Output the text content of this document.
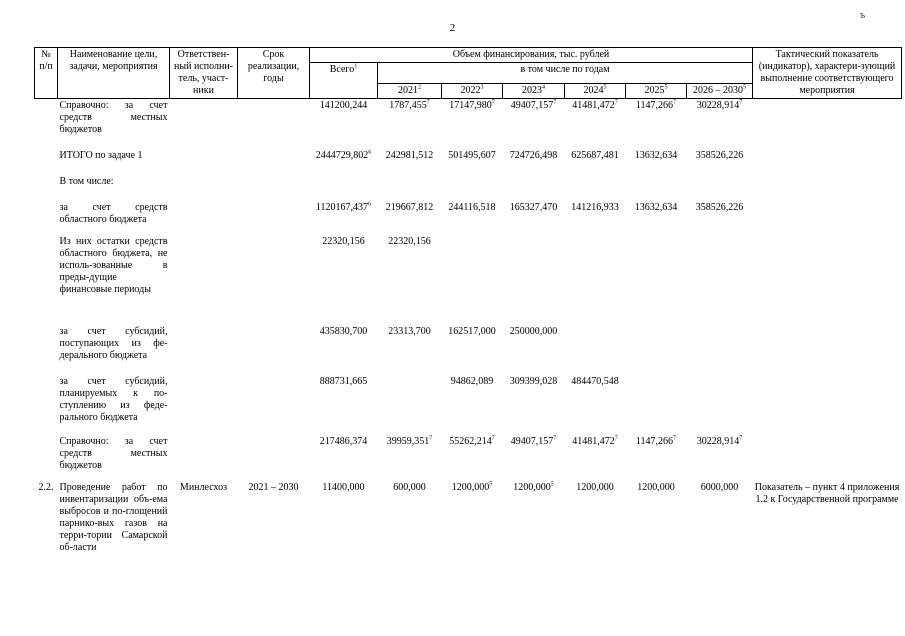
2
ъ
№ п/п	Наименование цели, задачи, мероприятия	Ответствен-ный исполни-тель, участ-ники	Срок реализации, годы	Объем финансирования, тыс. рублей							Тактический показатель (индикатор), характери-зующий выполнение соответствующего мероприятия
				Всего$^1$	в том числе по годам						
					2021$^2$	2022$^3$	2023$^4$	2024$^5$	2025$^5$	2026 – 2030$^5$
	Справочно: за счет средств местных бюджетов			141200,244	1787,455$^7$	17147,980$^7$	49407,157$^7$	41481,472$^7$	1147,266$^7$	30228,914$^7$	
	ИТОГО по задаче 1			2444729,802$^6$	242981,512	501495,607	724726,498	625687,481	13632,634	358526,226	
	В том числе:										
	за счет средств областного бюджета			1120167,437$^6$	219667,812	244116,518	165327,470	141216,933	13632,634	358526,226	
	Из них остатки средств областного бюджета, не исполь-зованные в преды-дущие финансовые периоды			22320,156	22320,156						
	за счет субсидий, поступающих из фе-дерального бюджета			435830,700	23313,700	162517,000	250000,000				
	за счет субсидий, планируемых к по-ступлению из феде-рального бюджета			888731,665		94862,089	309399,028	484470,548			
	Справочно: за счет средств местных бюджетов			217486,374	39959,351$^7$	55262,214$^7$	49407,157$^7$	41481,472$^7$	1147,266$^7$	30228,914$^7$	
2.2.	Проведение работ по инвентаризации объ-ема выбросов и по-глощений парнико-вых газов на терри-тории Самарской об-ласти	Минлесхоз	2021 – 2030	11400,000	600,000	1200,000$^5$	1200,000$^5$	1200,000	1200,000	6000,000	Показатель – пункт 4 приложения 1.2 к Государственной программе
